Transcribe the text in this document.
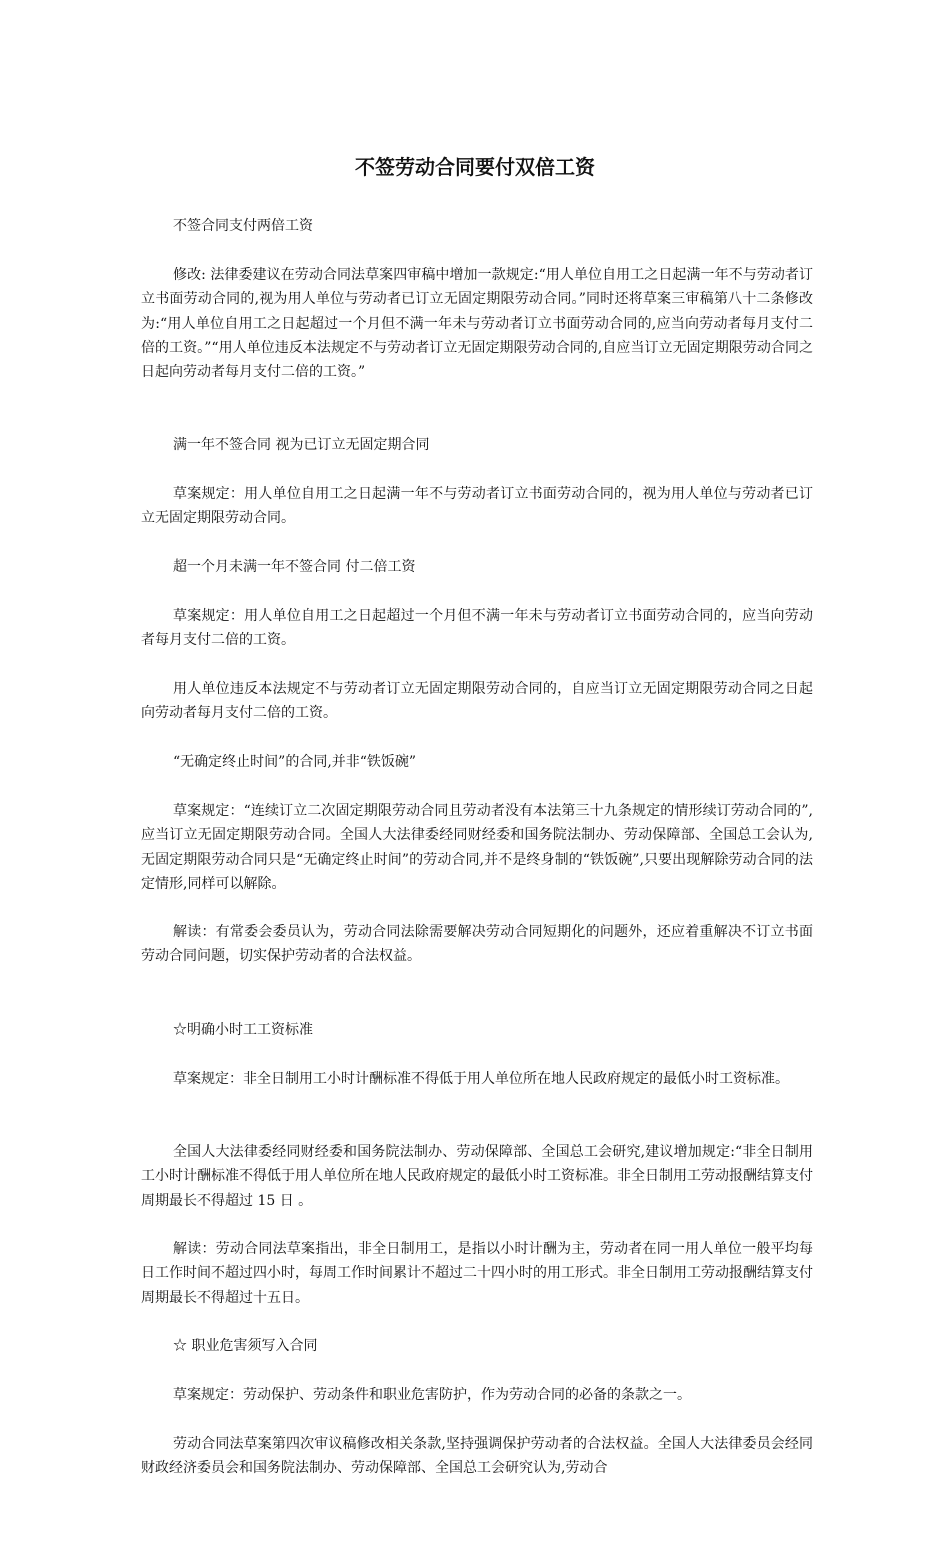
不签劳动合同要付双倍工资

不签合同支付两倍工资

修改: 法律委建议在劳动合同法草案四审稿中增加一款规定:“用人单位自用工之日起满一年不与劳动者订立书面劳动合同的,视为用人单位与劳动者已订立无固定期限劳动合同。”同时还将草案三审稿第八十二条修改为:“用人单位自用工之日起超过一个月但不满一年未与劳动者订立书面劳动合同的,应当向劳动者每月支付二倍的工资。”“用人单位违反本法规定不与劳动者订立无固定期限劳动合同的,自应当订立无固定期限劳动合同之日起向劳动者每月支付二倍的工资。”

满一年不签合同 视为已订立无固定期合同

草案规定：用人单位自用工之日起满一年不与劳动者订立书面劳动合同的，视为用人单位与劳动者已订立无固定期限劳动合同。

超一个月未满一年不签合同 付二倍工资

草案规定：用人单位自用工之日起超过一个月但不满一年未与劳动者订立书面劳动合同的，应当向劳动者每月支付二倍的工资。

用人单位违反本法规定不与劳动者订立无固定期限劳动合同的，自应当订立无固定期限劳动合同之日起向劳动者每月支付二倍的工资。

“无确定终止时间”的合同,并非“铁饭碗”

草案规定：“连续订立二次固定期限劳动合同且劳动者没有本法第三十九条规定的情形续订劳动合同的”,应当订立无固定期限劳动合同。全国人大法律委经同财经委和国务院法制办、劳动保障部、全国总工会认为,无固定期限劳动合同只是“无确定终止时间”的劳动合同,并不是终身制的“铁饭碗”,只要出现解除劳动合同的法定情形,同样可以解除。

解读：有常委会委员认为，劳动合同法除需要解决劳动合同短期化的问题外，还应着重解决不订立书面劳动合同问题，切实保护劳动者的合法权益。

☆明确小时工工资标准

草案规定：非全日制用工小时计酬标准不得低于用人单位所在地人民政府规定的最低小时工资标准。

全国人大法律委经同财经委和国务院法制办、劳动保障部、全国总工会研究,建议增加规定:“非全日制用工小时计酬标准不得低于用人单位所在地人民政府规定的最低小时工资标准。非全日制用工劳动报酬结算支付周期最长不得超过 15 日 。

解读：劳动合同法草案指出，非全日制用工，是指以小时计酬为主，劳动者在同一用人单位一般平均每日工作时间不超过四小时，每周工作时间累计不超过二十四小时的用工形式。非全日制用工劳动报酬结算支付周期最长不得超过十五日。

☆ 职业危害须写入合同

草案规定：劳动保护、劳动条件和职业危害防护，作为劳动合同的必备的条款之一。

劳动合同法草案第四次审议稿修改相关条款,坚持强调保护劳动者的合法权益。全国人大法律委员会经同财政经济委员会和国务院法制办、劳动保障部、全国总工会研究认为,劳动合
